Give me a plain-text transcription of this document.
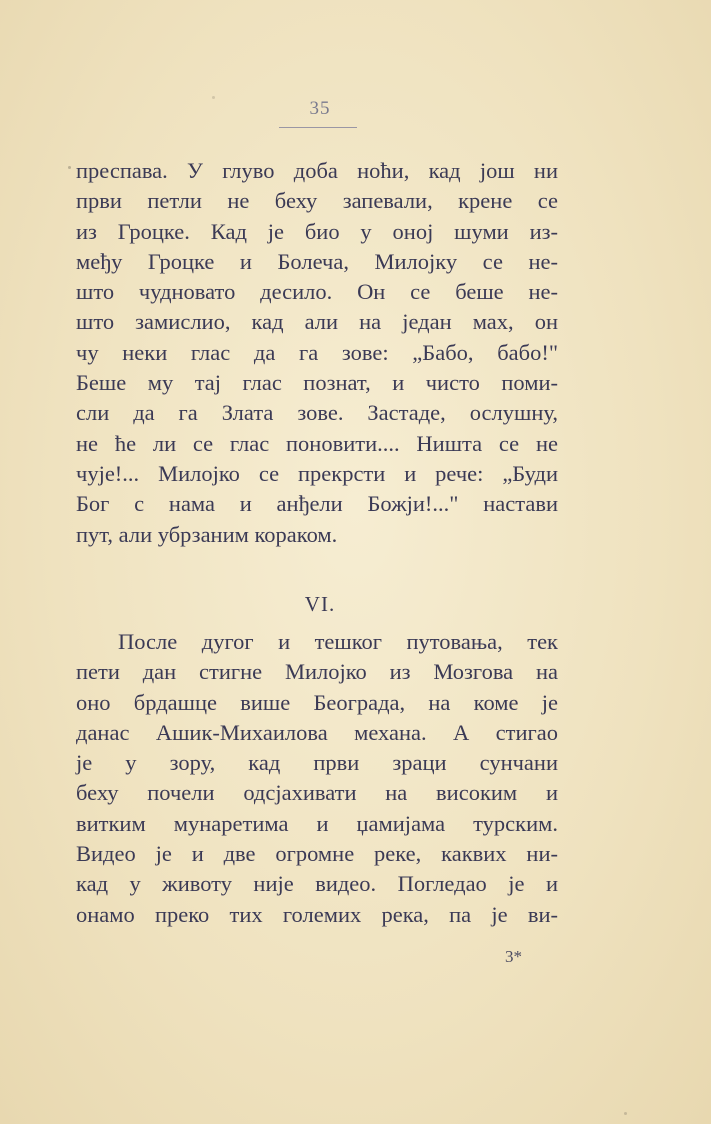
35
преспава. У глуво доба ноћи, кад још ни
први петли не беху запевали, крене се
из Гроцке. Кад је био у оној шуми из-
међу Гроцке и Болеча, Милојку се не-
што чудновато десило. Он се беше не-
што замислио, кад али на један мах, он
чу неки глас да га зове: „Бабо, бабо!"
Беше му тај глас познат, и чисто поми-
сли да га Злата зове. Застаде, ослушну,
не ће ли се глас поновити.... Ништа се не
чује!... Милојко се прекрсти и рече: „Буди
Бог с нама и анђели Божји!..." настави
пут, али убрзаним кораком.
VI.
После дугог и тешког путовања, тек
пети дан стигне Милојко из Мозгова на
оно брдашце више Београда, на коме је
данас Ашик-Михаилова механа. А стигао
је у зору, кад први зраци сунчани
беху почели одсјахивати на високим и
витким мунаретима и џамијама турским.
Видео је и две огромне реке, каквих ни-
кад у животу није видео. Погледао је и
онамо преко тих големих река, па је ви-
3*
